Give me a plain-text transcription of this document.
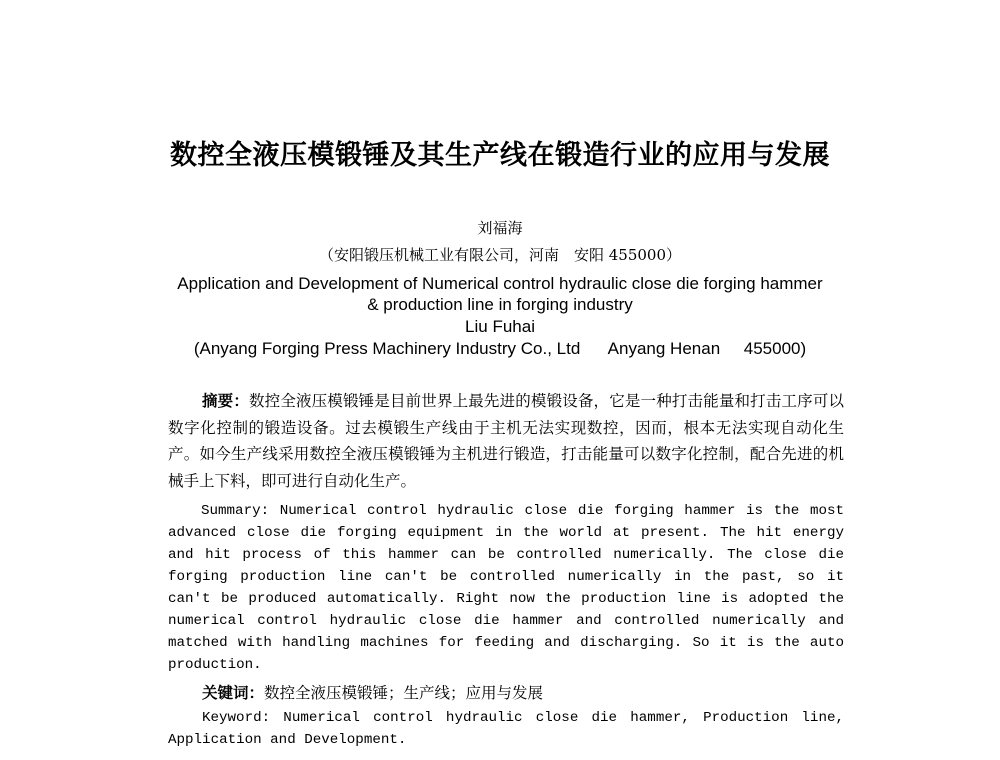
数控全液压模锻锤及其生产线在锻造行业的应用与发展
刘福海
（安阳锻压机械工业有限公司，河南　安阳 455000）
Application and Development of Numerical control hydraulic close die forging hammer
& production line in forging industry
Liu Fuhai
(Anyang Forging Press Machinery Industry Co., Ltd      Anyang Henan     455000)

摘要：数控全液压模锻锤是目前世界上最先进的模锻设备，它是一种打击能量和打击工序可以数字化控制的锻造设备。过去模锻生产线由于主机无法实现数控，因而，根本无法实现自动化生产。如今生产线采用数控全液压模锻锤为主机进行锻造，打击能量可以数字化控制，配合先进的机械手上下料，即可进行自动化生产。

Summary: Numerical control hydraulic close die forging hammer is the most advanced close die forging equipment in the world at present. The hit energy and hit process of this hammer can be controlled numerically. The close die forging production line can't be controlled numerically in the past, so it can't be produced automatically. Right now the production line is adopted the numerical control hydraulic close die hammer and controlled numerically and matched with handling machines for feeding and discharging. So it is the auto production.

关键词：数控全液压模锻锤；生产线；应用与发展

Keyword: Numerical control hydraulic close die hammer, Production line, Application and Development.
